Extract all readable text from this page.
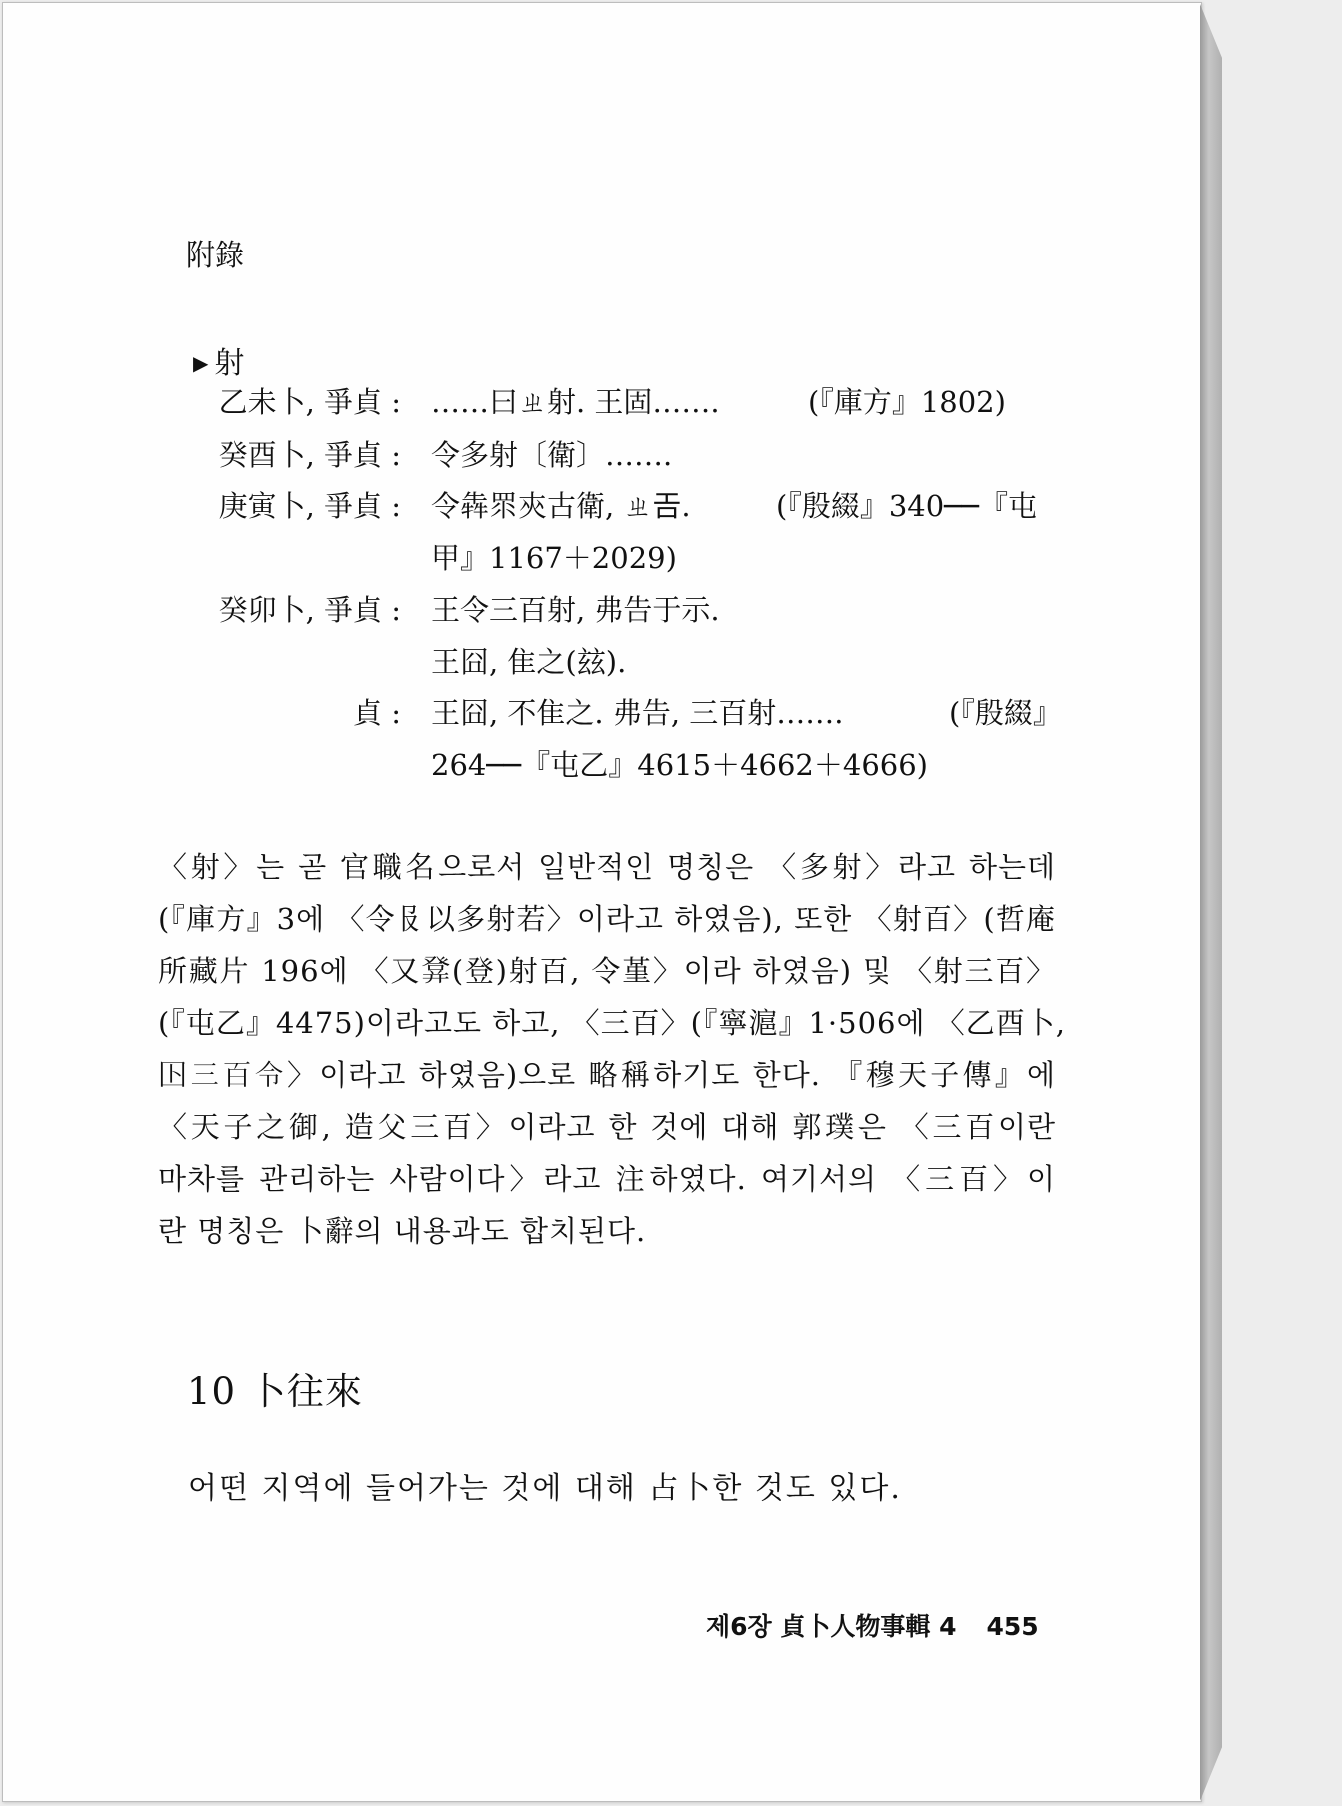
附錄
▶ 射
乙未卜, 爭貞 : ……曰ㄓ射. 王固…….	(『庫方』1802)
癸酉卜, 爭貞 : 令多射〔衛〕…….
庚寅卜, 爭貞 : 令犇眔㚒古衛, ㄓ𢀛.	(『殷綴』340──『屯
甲』1167＋2029)
癸卯卜, 爭貞 : 王令三百射, 弗告于示.
王囧, 隹之(玆).
貞 : 王囧, 不隹之. 弗告, 三百射…….	(『殷綴』
264──『屯乙』4615＋4662＋4666)
〈射〉는 곧 官職名으로서 일반적인 명칭은 〈多射〉라고 하는데
(『庫方』3에 〈令𠬝以多射若〉이라고 하였음), 또한 〈射百〉(哲庵
所藏片 196에 〈又𤼷(登)射百, 令堇〉이라 하였음) 및 〈射三百〉
(『屯乙』4475)이라고도 하고, 〈三百〉(『寧滬』1·506에 〈乙酉卜,
𡆥三百令〉이라고 하였음)으로 略稱하기도 한다. 『穆天子傳』에
〈天子之御, 造父三百〉이라고 한 것에 대해 郭璞은 〈三百이란
마차를 관리하는 사람이다〉라고 注하였다. 여기서의 〈三百〉이
란 명칭은 卜辭의 내용과도 합치된다.
10 卜往來
어떤 지역에 들어가는 것에 대해 占卜한 것도 있다.
제6장 貞卜人物事輯 4 455
